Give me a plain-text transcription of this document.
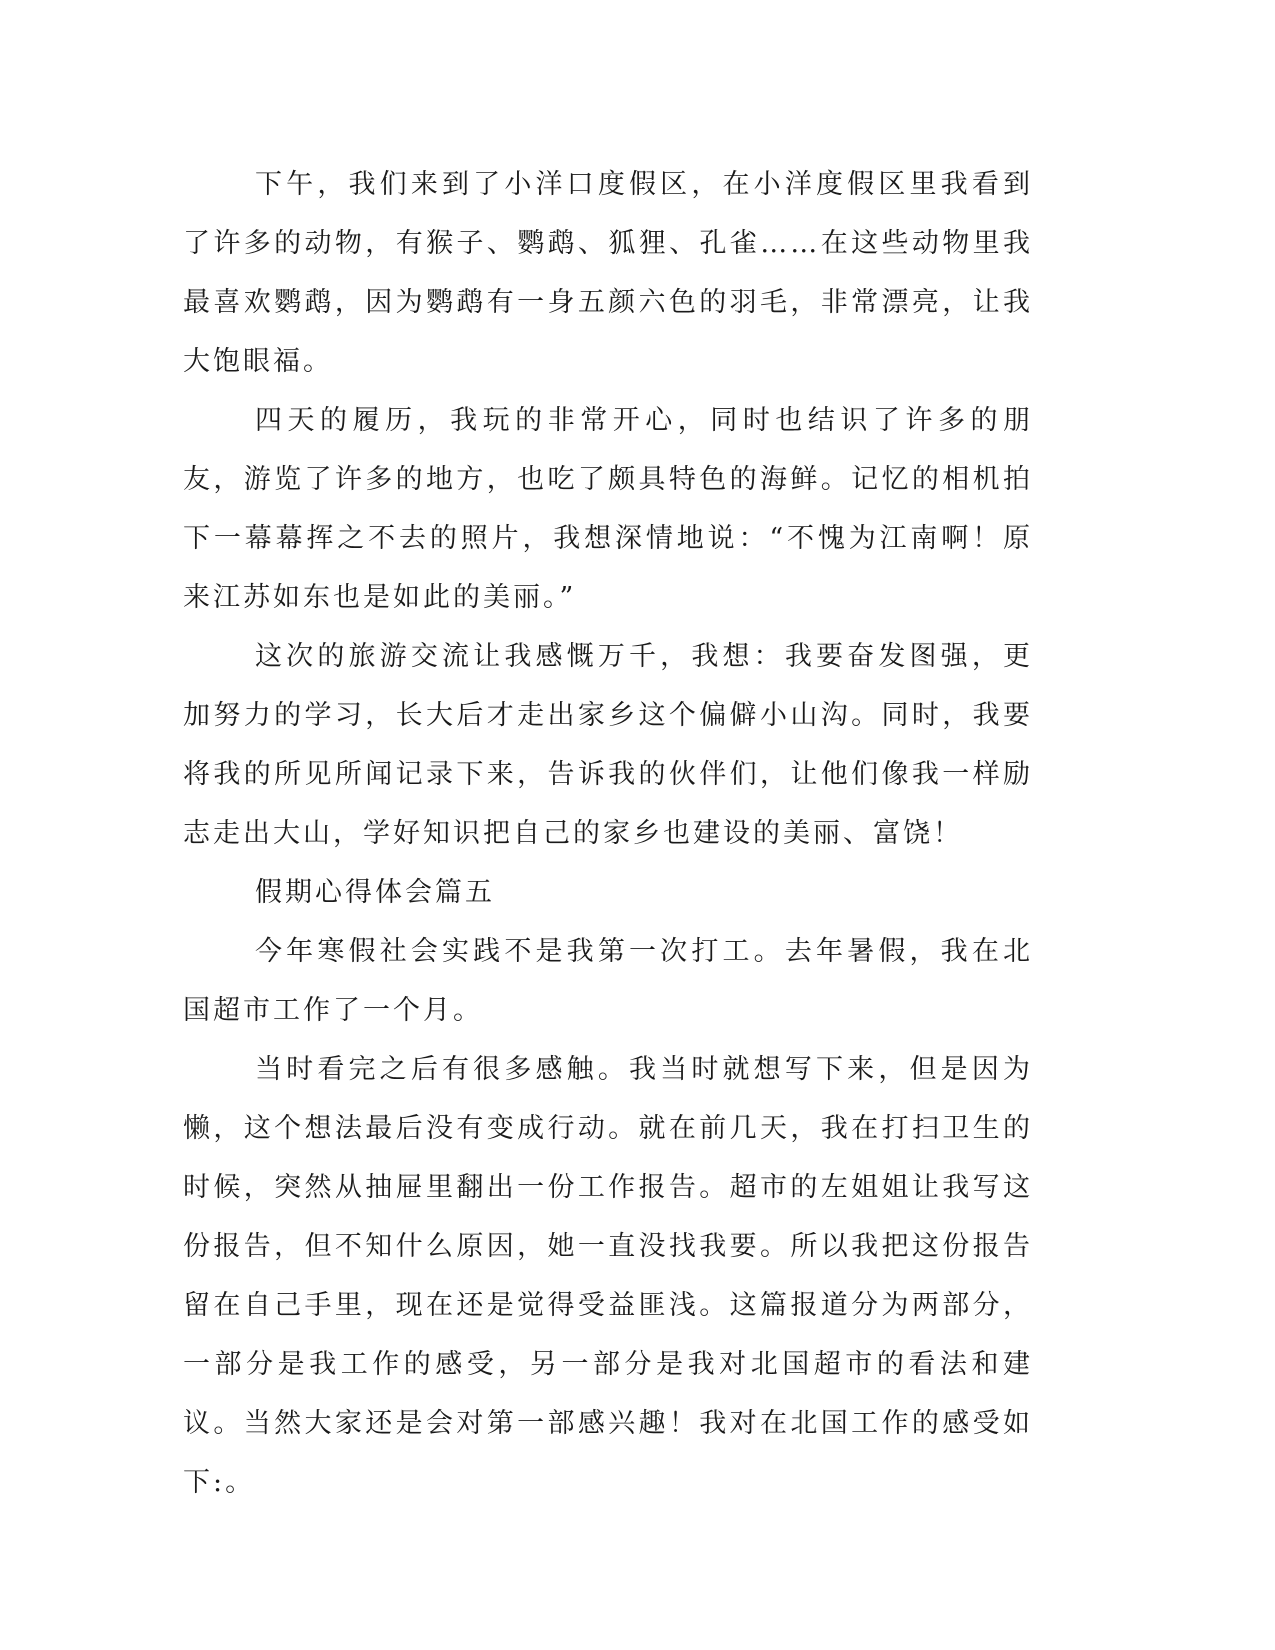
下午，我们来到了小洋口度假区，在小洋度假区里我看到了许多的动物，有猴子、鹦鹉、狐狸、孔雀……在这些动物里我最喜欢鹦鹉，因为鹦鹉有一身五颜六色的羽毛，非常漂亮，让我大饱眼福。

四天的履历，我玩的非常开心，同时也结识了许多的朋友，游览了许多的地方，也吃了颇具特色的海鲜。记忆的相机拍下一幕幕挥之不去的照片，我想深情地说：“不愧为江南啊！原来江苏如东也是如此的美丽。”

这次的旅游交流让我感慨万千，我想：我要奋发图强，更加努力的学习，长大后才走出家乡这个偏僻小山沟。同时，我要将我的所见所闻记录下来，告诉我的伙伴们，让他们像我一样励志走出大山，学好知识把自己的家乡也建设的美丽、富饶！

假期心得体会篇五

今年寒假社会实践不是我第一次打工。去年暑假，我在北国超市工作了一个月。

当时看完之后有很多感触。我当时就想写下来，但是因为懒，这个想法最后没有变成行动。就在前几天，我在打扫卫生的时候，突然从抽屉里翻出一份工作报告。超市的左姐姐让我写这份报告，但不知什么原因，她一直没找我要。所以我把这份报告留在自己手里，现在还是觉得受益匪浅。这篇报道分为两部分，一部分是我工作的感受，另一部分是我对北国超市的看法和建议。当然大家还是会对第一部感兴趣！我对在北国工作的感受如下:。
